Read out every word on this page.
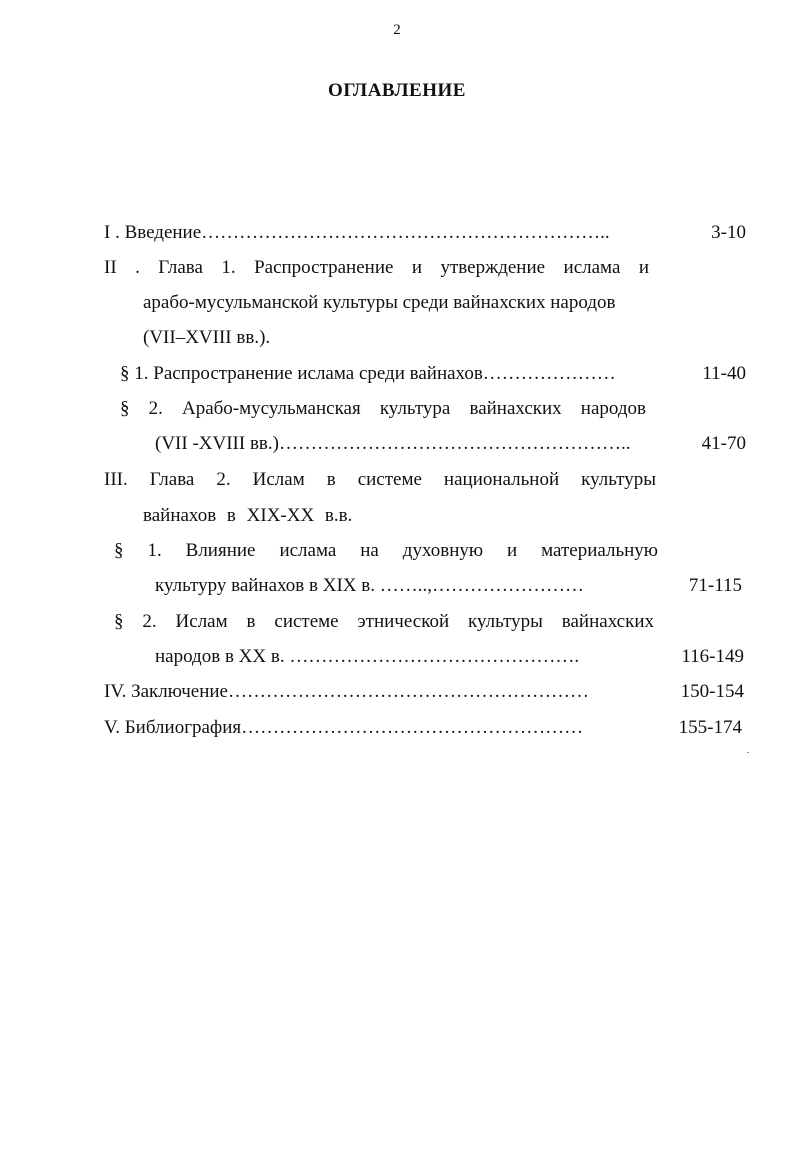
2
ОГЛАВЛЕНИЕ
I . Введение………………………………………………………..	3-10
II . Глава 1. Распространение и утверждение ислама и
арабо-мусульманской культуры среди вайнахских народов
(VII–XVIII вв.).
§ 1. Распространение ислама среди вайнахов…………………	11-40
§ 2. Арабо-мусульманская культура вайнахских народов
(VII -XVIII вв.)………………………………………………..	41-70
III. Глава 2. Ислам в системе национальной культуры
вайнахов в XIX-XX в.в.
§ 1. Влияние ислама на духовную и материальную
культуру вайнахов в XIX в. ……..,……………………	71-115
§ 2. Ислам в системе этнической культуры вайнахских
народов в XX в. ……………………………………….	116-149
IV. Заключение…………………………………………………	150-154
V. Библиография………………………………………………	155-174
